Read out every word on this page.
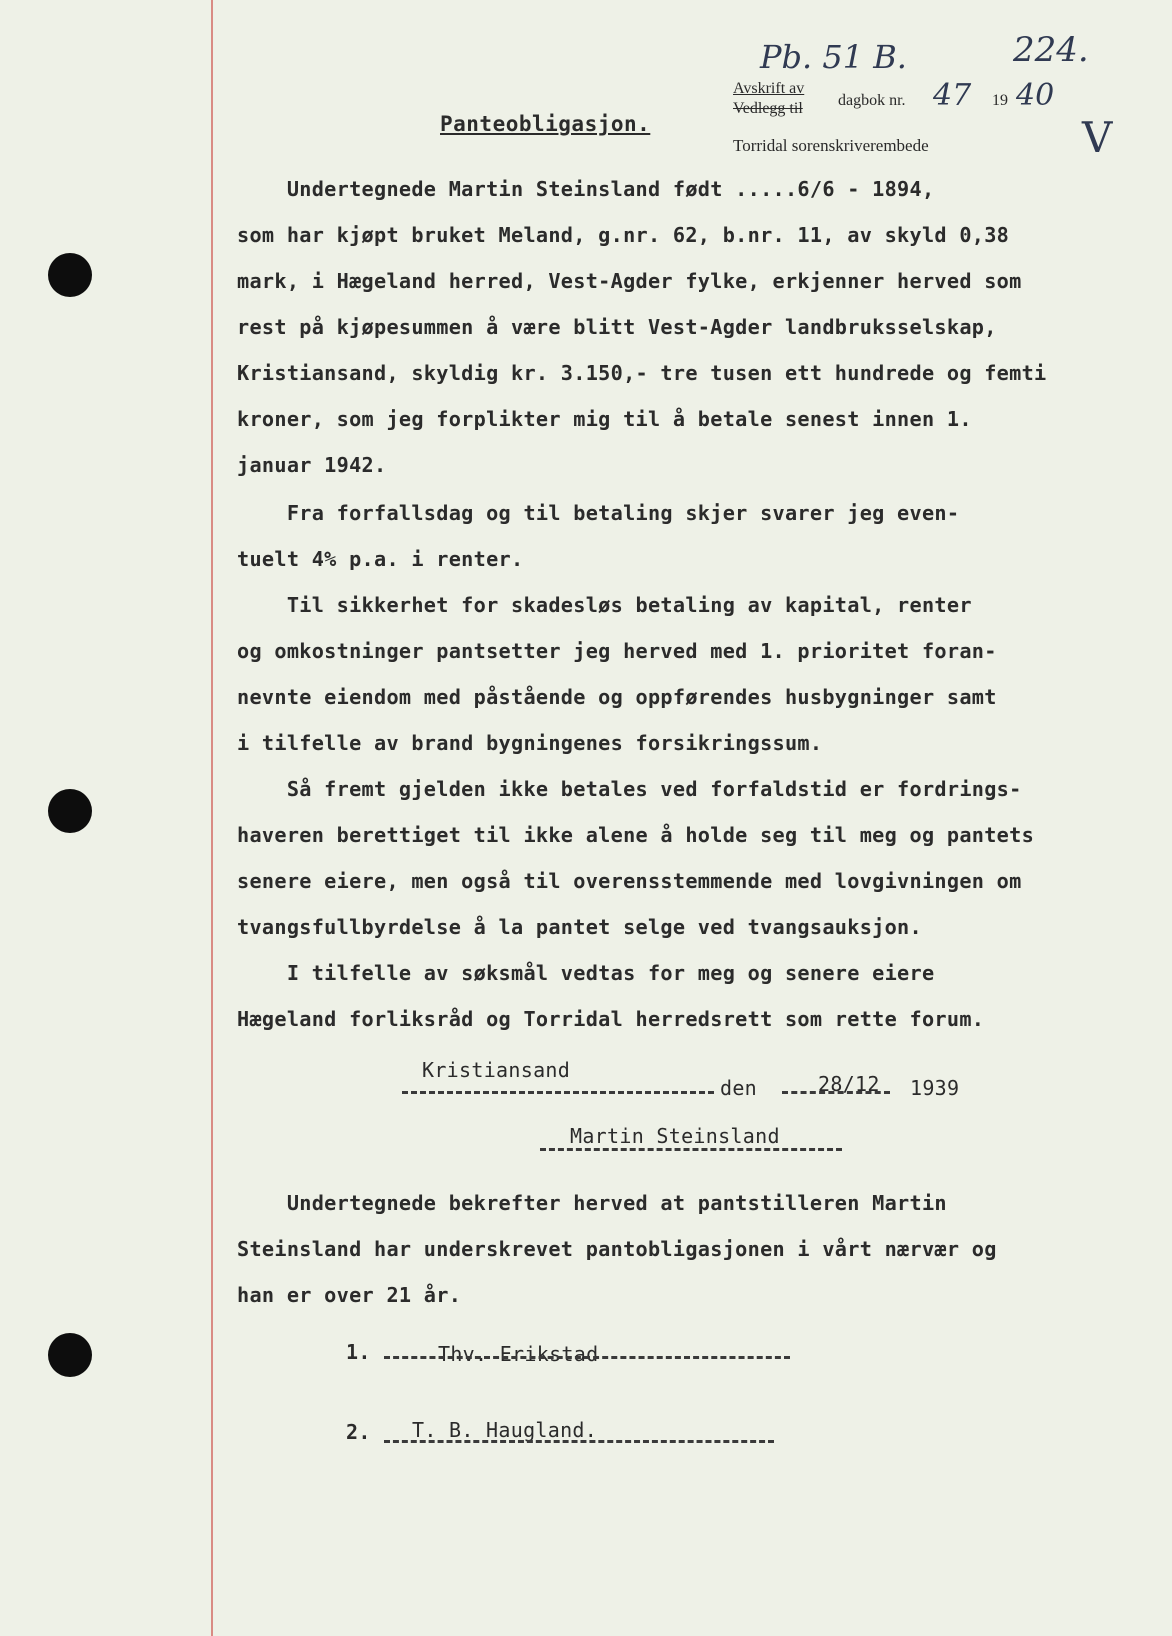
Pb. 51 B.	224.
Avskrift av
Vedlegg til dagbok nr. 47 19 40
Torridal sorenskriverembede	V
Panteobligasjon.

Undertegnede Martin Steinsland født .....6/6 - 1894,

som har kjøpt bruket Meland, g.nr. 62, b.nr. 11, av skyld 0,38

mark, i Hægeland herred, Vest-Agder fylke, erkjenner herved som

rest på kjøpesummen å være blitt Vest-Agder landbruksselskap,

Kristiansand, skyldig kr. 3.150,- tre tusen ett hundrede og femti

kroner, som jeg forplikter mig til å betale senest innen 1.

januar 1942.

Fra forfallsdag og til betaling skjer svarer jeg even-

tuelt 4% p.a. i renter.

Til sikkerhet for skadesløs betaling av kapital, renter

og omkostninger pantsetter jeg herved med 1. prioritet foran-

nevnte eiendom med påstående og oppførendes husbygninger samt

i tilfelle av brand bygningenes forsikringssum.

Så fremt gjelden ikke betales ved forfaldstid er fordrings-

haveren berettiget til ikke alene å holde seg til meg og pantets

senere eiere, men også til overensstemmende med lovgivningen om

tvangsfullbyrdelse å la pantet selge ved tvangsauksjon.

I tilfelle av søksmål vedtas for meg og senere eiere

Hægeland forliksråd og Torridal herredsrett som rette forum.

Kristiansand
den	28/12 1939
Martin Steinsland

Undertegnede bekrefter herved at pantstilleren Martin

Steinsland har underskrevet pantobligasjonen i vårt nærvær og

han er over 21 år.

1.	Thv. Erikstad
2. T. B. Haugland.
